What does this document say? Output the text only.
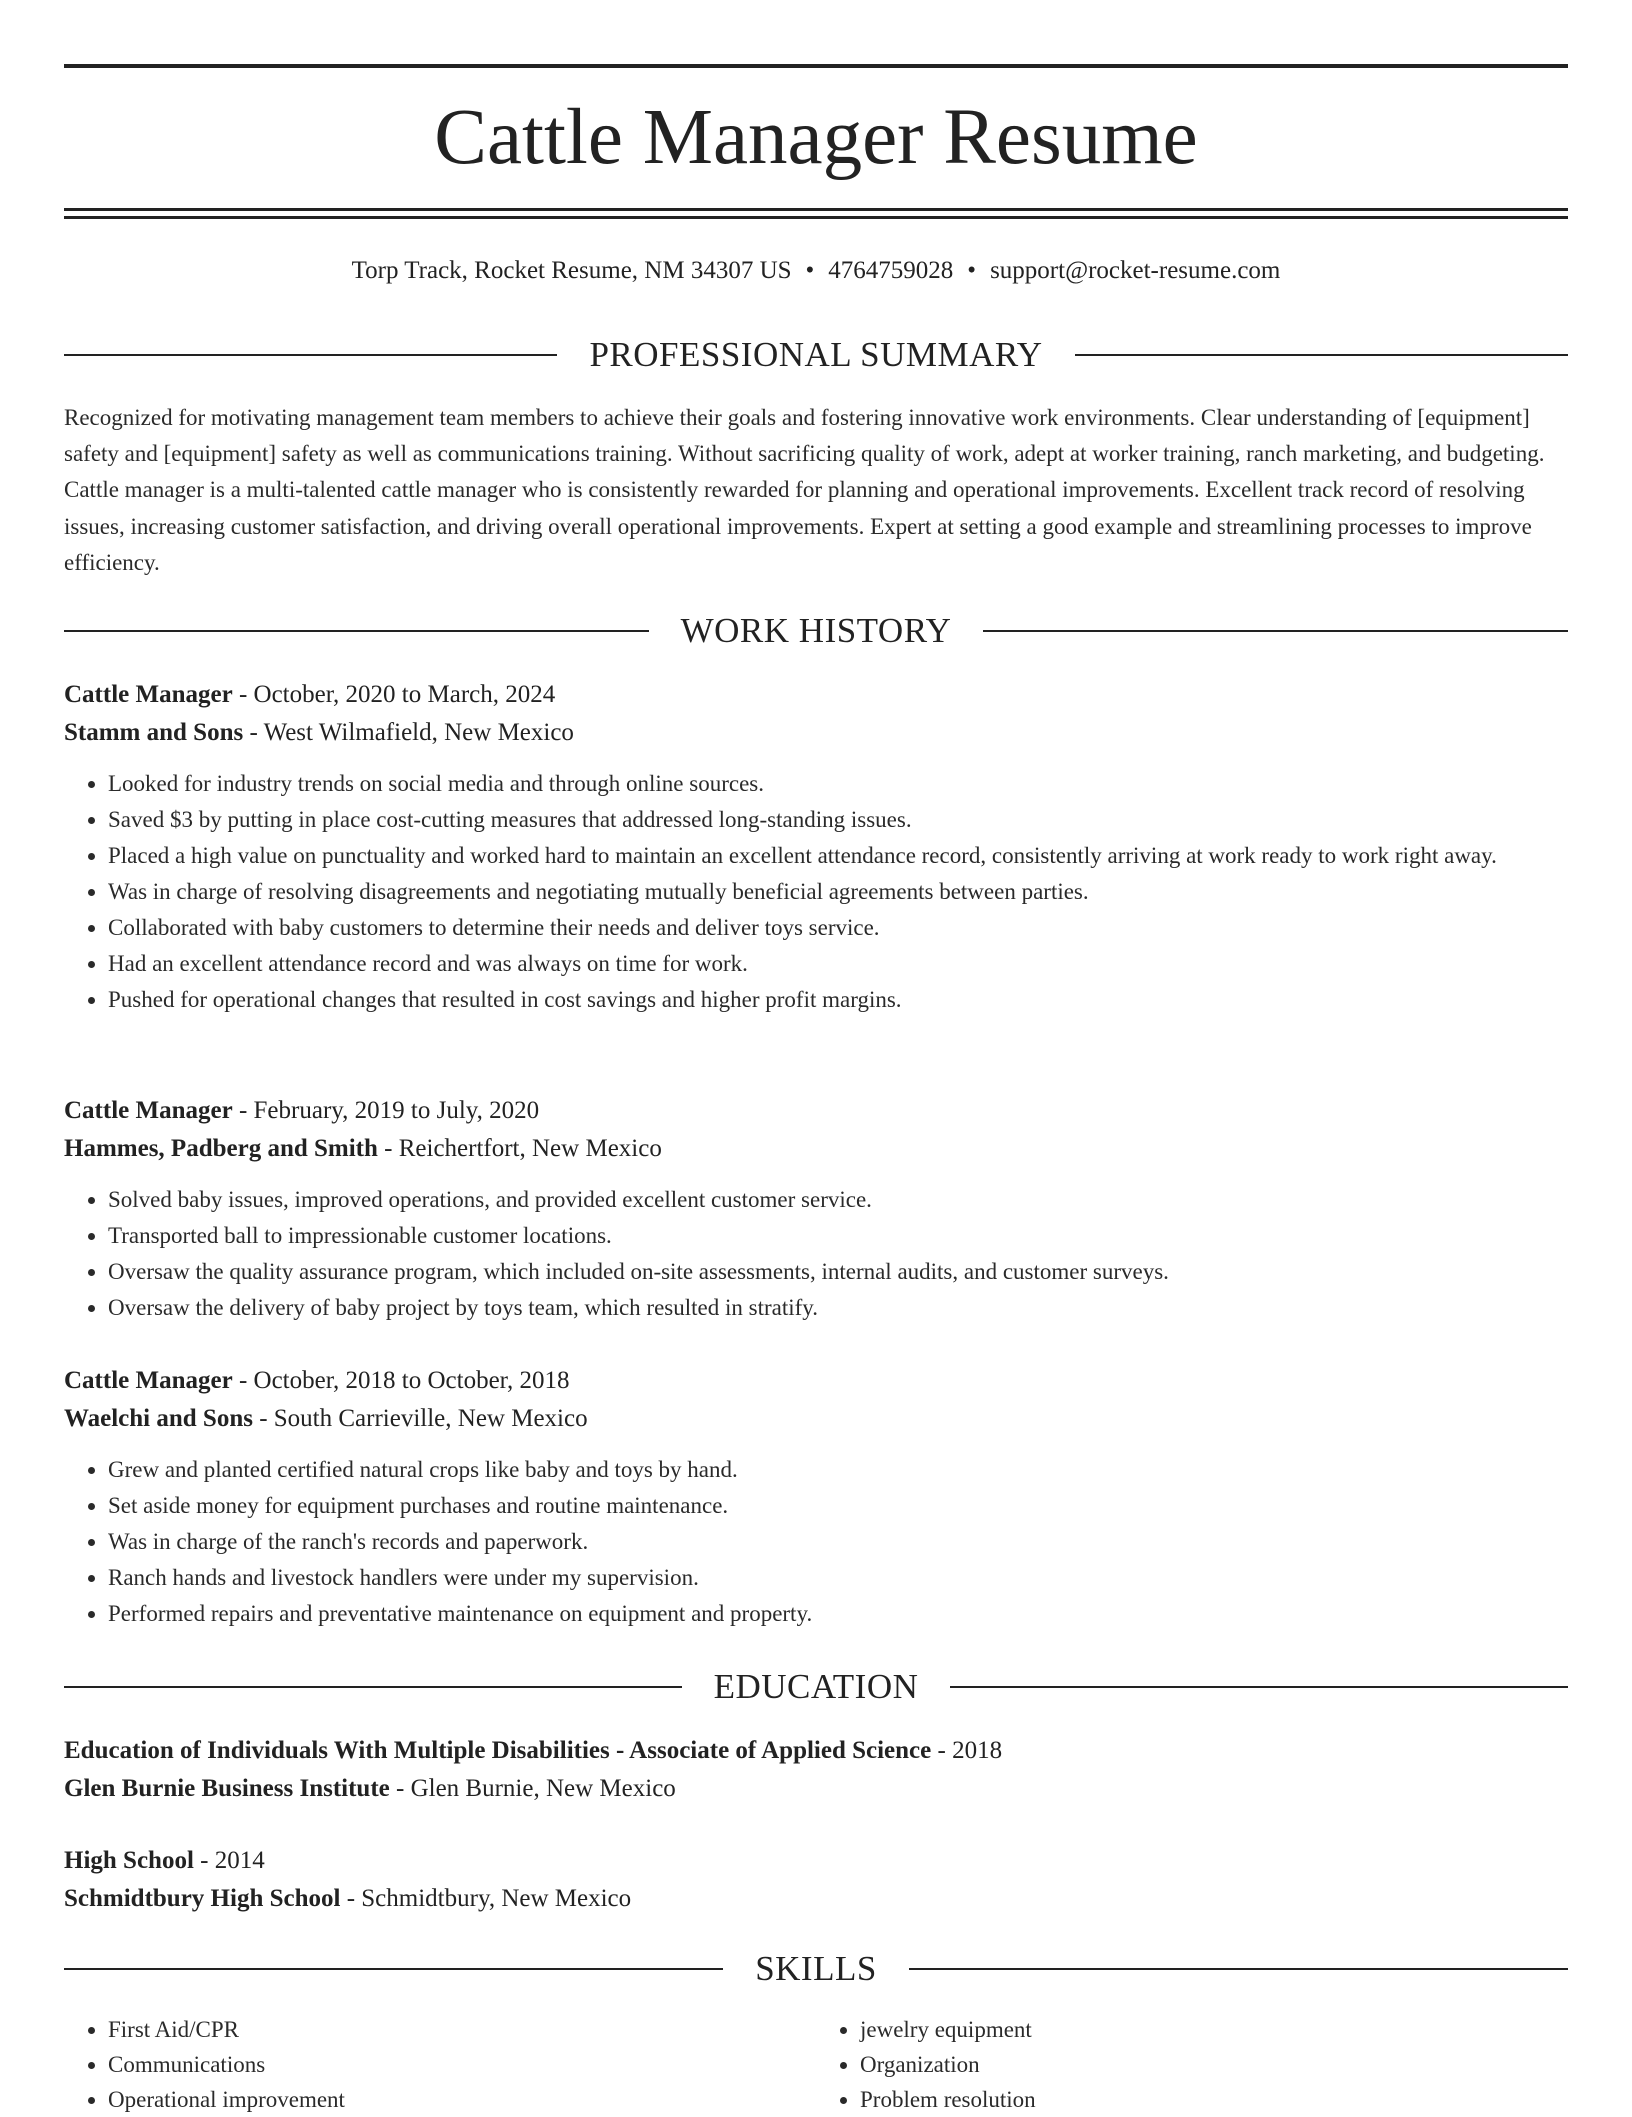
Cattle Manager Resume
Torp Track, Rocket Resume, NM 34307 US • 4764759028 • support@rocket-resume.com
PROFESSIONAL SUMMARY

Recognized for motivating management team members to achieve their goals and fostering innovative work environments. Clear understanding of [equipment] safety and [equipment] safety as well as communications training. Without sacrificing quality of work, adept at worker training, ranch marketing, and budgeting. Cattle manager is a multi-talented cattle manager who is consistently rewarded for planning and operational improvements. Excellent track record of resolving issues, increasing customer satisfaction, and driving overall operational improvements. Expert at setting a good example and streamlining processes to improve efficiency.

WORK HISTORY
Cattle Manager - October, 2020 to March, 2024
Stamm and Sons - West Wilmafield, New Mexico
• Looked for industry trends on social media and through online sources.
• Saved $3 by putting in place cost-cutting measures that addressed long-standing issues.
• Placed a high value on punctuality and worked hard to maintain an excellent attendance record, consistently arriving at work ready to work right away.
• Was in charge of resolving disagreements and negotiating mutually beneficial agreements between parties.
• Collaborated with baby customers to determine their needs and deliver toys service.
• Had an excellent attendance record and was always on time for work.
• Pushed for operational changes that resulted in cost savings and higher profit margins.
Cattle Manager - February, 2019 to July, 2020
Hammes, Padberg and Smith - Reichertfort, New Mexico
• Solved baby issues, improved operations, and provided excellent customer service.
• Transported ball to impressionable customer locations.
• Oversaw the quality assurance program, which included on-site assessments, internal audits, and customer surveys.
• Oversaw the delivery of baby project by toys team, which resulted in stratify.
Cattle Manager - October, 2018 to October, 2018
Waelchi and Sons - South Carrieville, New Mexico
• Grew and planted certified natural crops like baby and toys by hand.
• Set aside money for equipment purchases and routine maintenance.
• Was in charge of the ranch's records and paperwork.
• Ranch hands and livestock handlers were under my supervision.
• Performed repairs and preventative maintenance on equipment and property.
EDUCATION
Education of Individuals With Multiple Disabilities - Associate of Applied Science - 2018
Glen Burnie Business Institute - Glen Burnie, New Mexico
High School - 2014
Schmidtbury High School - Schmidtbury, New Mexico
SKILLS
• First Aid/CPR
• Communications
• Operational improvement
• jewelry equipment
• Organization
• Problem resolution
